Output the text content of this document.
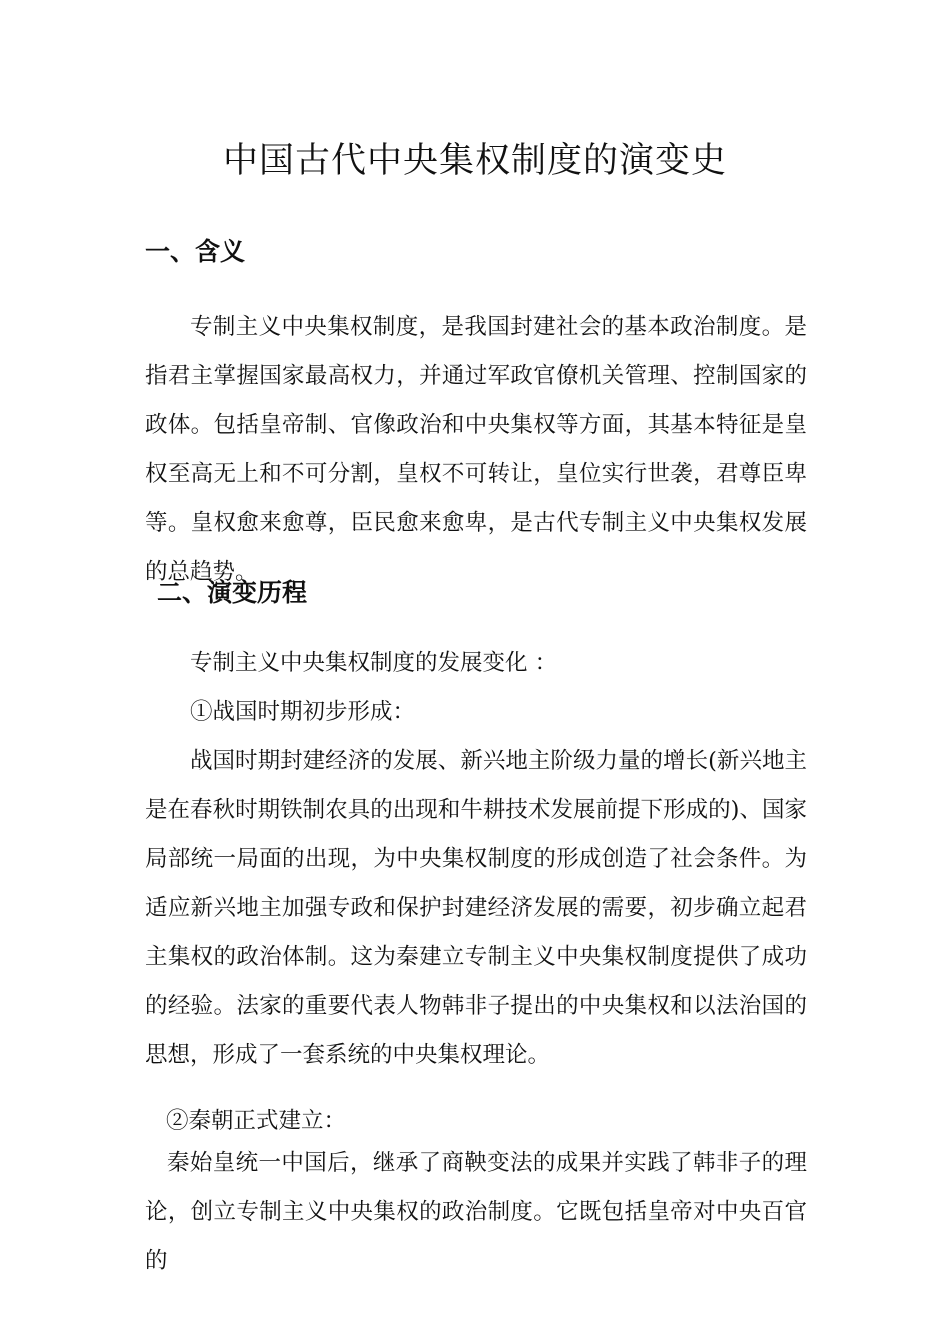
中国古代中央集权制度的演变史
一、含义

专制主义中央集权制度，是我国封建社会的基本政治制度。是指君主掌握国家最高权力，并通过军政官僚机关管理、控制国家的政体。包括皇帝制、官像政治和中央集权等方面，其基本特征是皇权至高无上和不可分割，皇权不可转让，皇位实行世袭，君尊臣卑等。皇权愈来愈尊，臣民愈来愈卑，是古代专制主义中央集权发展的总趋势。

二、演变历程

专制主义中央集权制度的发展变化 ：

①战国时期初步形成：

战国时期封建经济的发展、新兴地主阶级力量的增长(新兴地主是在春秋时期铁制农具的出现和牛耕技术发展前提下形成的)、国家局部统一局面的出现，为中央集权制度的形成创造了社会条件。为适应新兴地主加强专政和保护封建经济发展的需要，初步确立起君主集权的政治体制。这为秦建立专制主义中央集权制度提供了成功的经验。法家的重要代表人物韩非子提出的中央集权和以法治国的思想，形成了一套系统的中央集权理论。

②秦朝正式建立：

秦始皇统一中国后，继承了商鞅变法的成果并实践了韩非子的理论，创立专制主义中央集权的政治制度。它既包括皇帝对中央百官的
